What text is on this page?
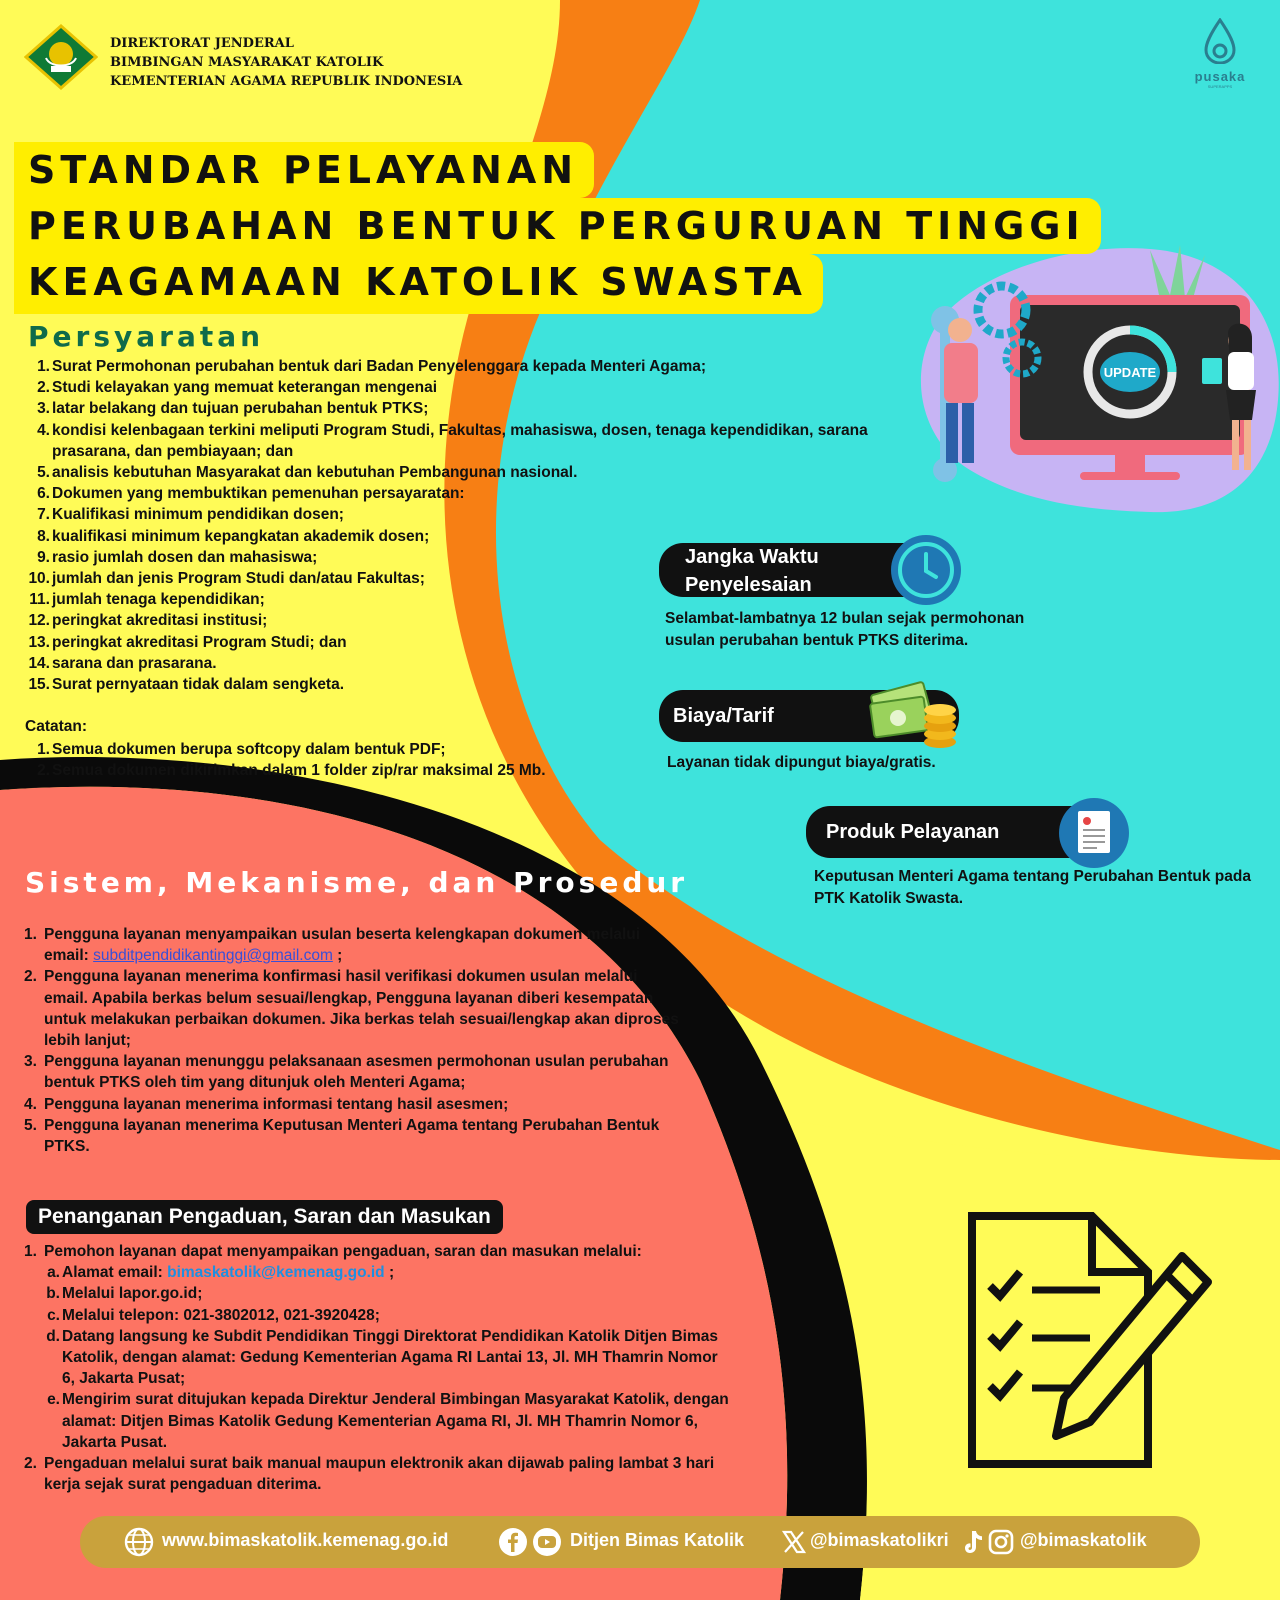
DIREKTORAT JENDERAL
BIMBINGAN MASYARAKAT KATOLIK
KEMENTERIAN AGAMA REPUBLIK INDONESIA	pusaka
SUPERAPPS
STANDAR PELAYANAN
PERUBAHAN BENTUK PERGURUAN TINGGI
KEAGAMAAN KATOLIK SWASTA
UPDATE
Persyaratan
1. Surat Permohonan perubahan bentuk dari Badan Penyelenggara kepada Menteri Agama;
2. Studi kelayakan yang memuat keterangan mengenai
3. latar belakang dan tujuan perubahan bentuk PTKS;
4. kondisi kelenbagaan terkini meliputi Program Studi, Fakultas, mahasiswa, dosen, tenaga kependidikan, sarana prasarana, dan pembiayaan; dan
5. analisis kebutuhan Masyarakat dan kebutuhan Pembangunan nasional.
6. Dokumen yang membuktikan pemenuhan persayaratan:
7. Kualifikasi minimum pendidikan dosen;
8. kualifikasi minimum kepangkatan akademik dosen;
9. rasio jumlah dosen dan mahasiswa;
10. jumlah dan jenis Program Studi dan/atau Fakultas;
11. jumlah tenaga kependidikan;
12. peringkat akreditasi institusi;
13. peringkat akreditasi Program Studi; dan
14. sarana dan prasarana.
15. Surat pernyataan tidak dalam sengketa.
Catatan:
1. Semua dokumen berupa softcopy dalam bentuk PDF;
2. Semua dokumen dikirimkan dalam 1 folder zip/rar maksimal 25 Mb.
Jangka Waktu
Penyelesaian
Selambat-lambatnya 12 bulan sejak permohonan usulan perubahan bentuk PTKS diterima.
Biaya/Tarif
Layanan tidak dipungut biaya/gratis.
Produk Pelayanan
Keputusan Menteri Agama tentang Perubahan Bentuk pada PTK Katolik Swasta.
Sistem, Mekanisme, dan Prosedur
1. Pengguna layanan menyampaikan usulan beserta kelengkapan dokumen melalui email: subditpendidikantinggi@gmail.com ;
2. Pengguna layanan menerima konfirmasi hasil verifikasi dokumen usulan melalui email. Apabila berkas belum sesuai/lengkap, Pengguna layanan diberi kesempatan untuk melakukan perbaikan dokumen. Jika berkas telah sesuai/lengkap akan diproses lebih lanjut;
3. Pengguna layanan menunggu pelaksanaan asesmen permohonan usulan perubahan bentuk PTKS oleh tim yang ditunjuk oleh Menteri Agama;
4. Pengguna layanan menerima informasi tentang hasil asesmen;
5. Pengguna layanan menerima Keputusan Menteri Agama tentang Perubahan Bentuk PTKS.
Penanganan Pengaduan, Saran dan Masukan
1. Pemohon layanan dapat menyampaikan pengaduan, saran dan masukan melalui:
a. Alamat email: bimaskatolik@kemenag.go.id ;
b. Melalui lapor.go.id;
c. Melalui telepon: 021-3802012, 021-3920428;
d. Datang langsung ke Subdit Pendidikan Tinggi Direktorat Pendidikan Katolik Ditjen Bimas Katolik, dengan alamat: Gedung Kementerian Agama RI Lantai 13, Jl. MH Thamrin Nomor 6, Jakarta Pusat;
e. Mengirim surat ditujukan kepada Direktur Jenderal Bimbingan Masyarakat Katolik, dengan alamat: Ditjen Bimas Katolik Gedung Kementerian Agama RI, Jl. MH Thamrin Nomor 6, Jakarta Pusat.
2. Pengaduan melalui surat baik manual maupun elektronik akan dijawab paling lambat 3 hari kerja sejak surat pengaduan diterima.
www.bimaskatolik.kemenag.go.id	Ditjen Bimas Katolik	@bimaskatolikri	@bimaskatolik
